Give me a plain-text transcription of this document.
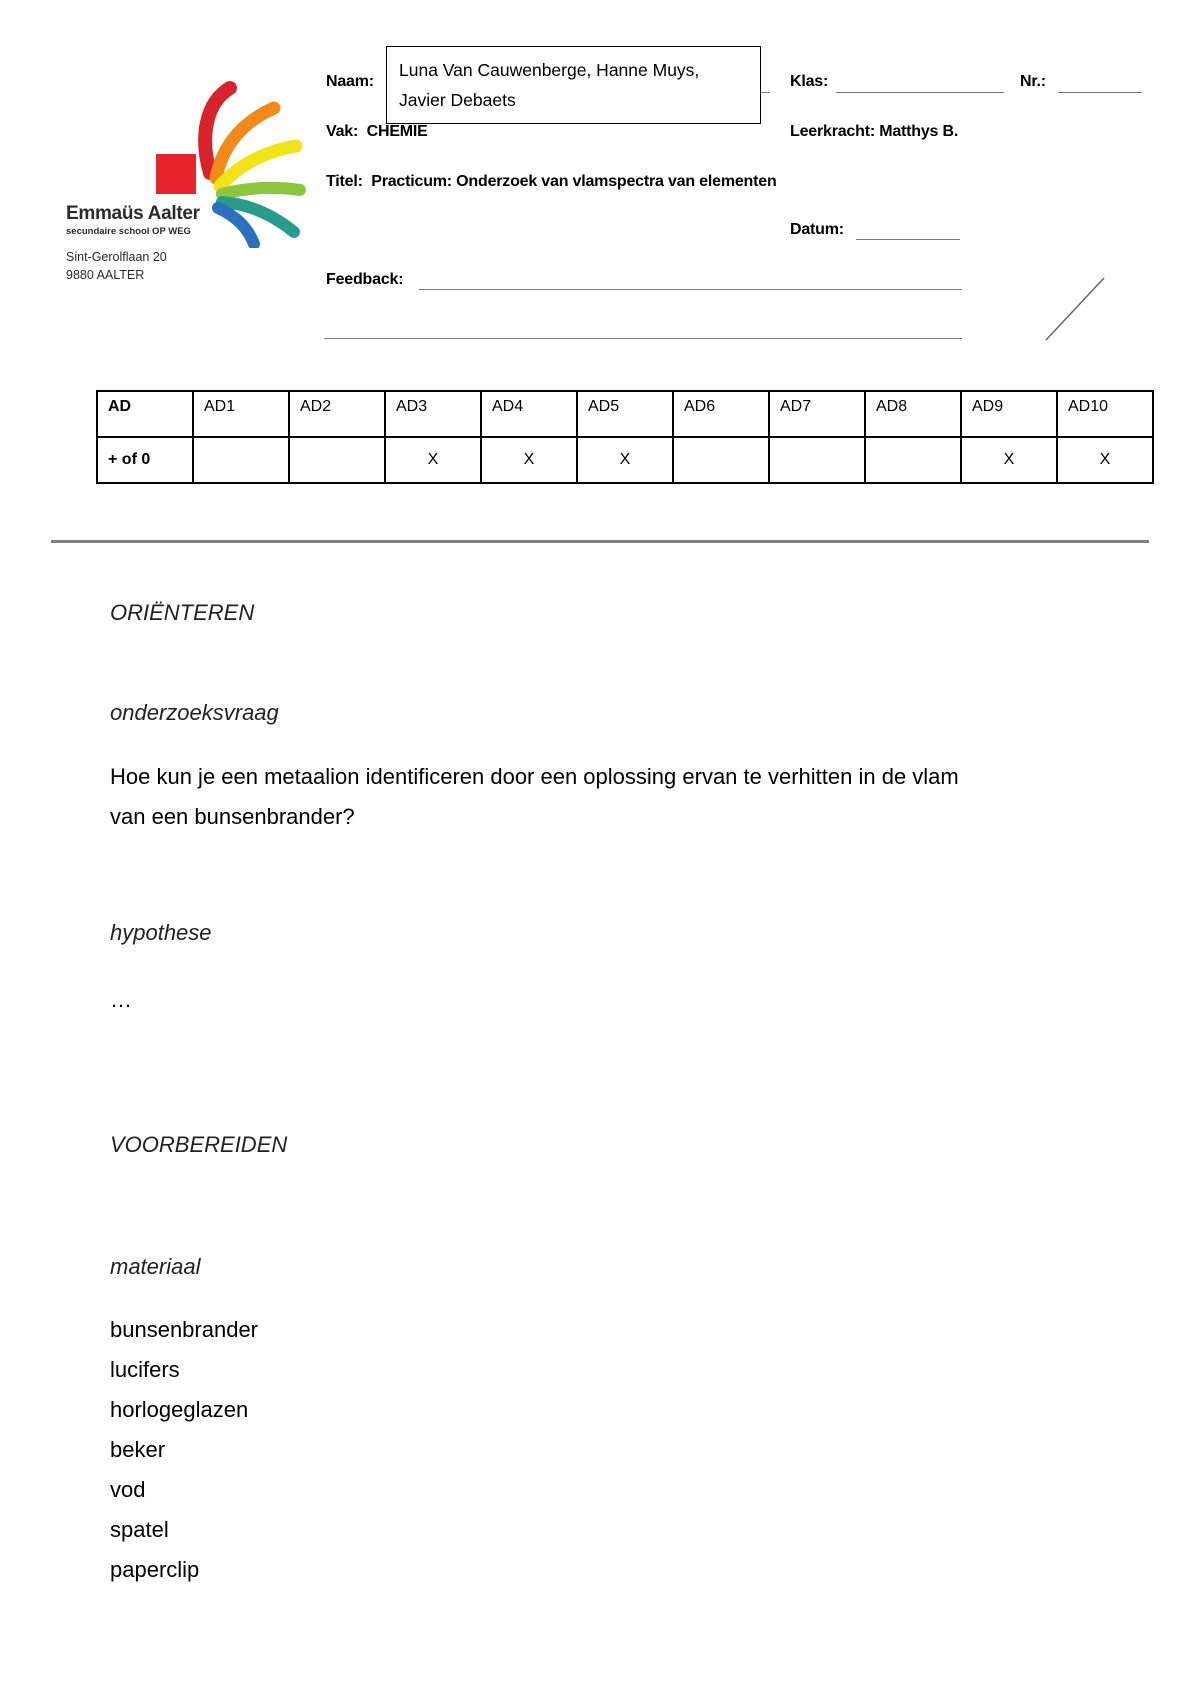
Emmaüs Aalter
secundaire school OP WEG
Sint-Gerolflaan 20
9880 AALTER
Naam:
Luna Van Cauwenberge, Hanne Muys,
Javier Debaets
Klas:	Nr.:
Vak: CHEMIE	Leerkracht: Matthys B.
Titel: Practicum: Onderzoek van vlamspectra van elementen
Datum:
Feedback:
AD	AD1	AD2	AD3	AD4	AD5	AD6	AD7	AD8	AD9	AD10
+ of 0			X	X	X				X	X
ORIËNTEREN
onderzoeksvraag
Hoe kun je een metaalion identificeren door een oplossing ervan te verhitten in de vlam
van een bunsenbrander?
hypothese
…
VOORBEREIDEN
materiaal
bunsenbrander
lucifers
horlogeglazen
beker
vod
spatel
paperclip
